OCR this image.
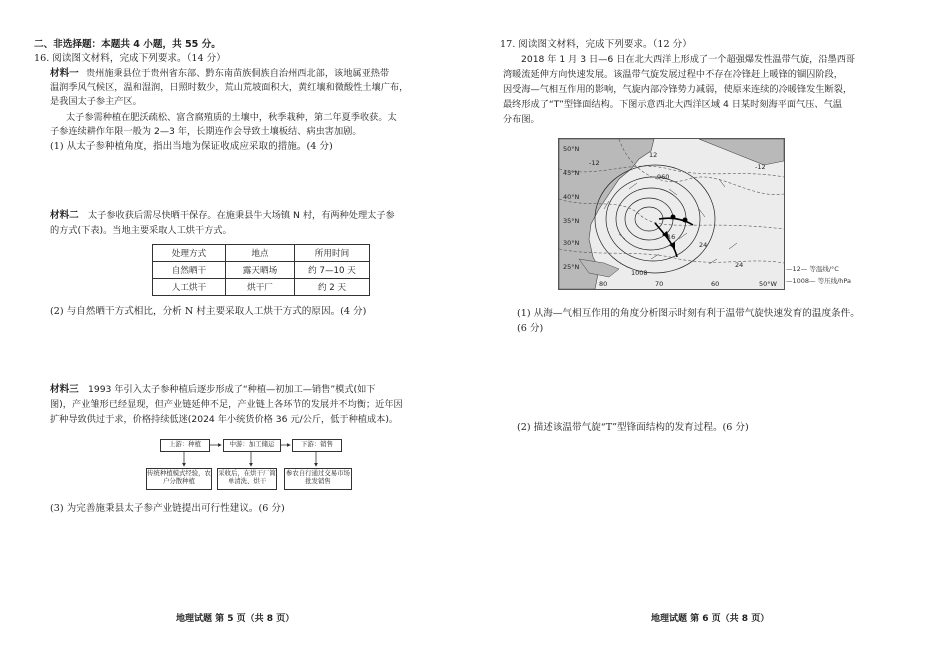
二、非选择题：本题共 4 小题，共 55 分。
16. 阅读图文材料，完成下列要求。（14 分）
材料一 贵州施秉县位于贵州省东部、黔东南苗族侗族自治州西北部，该地属亚热带
温润季风气候区，温和湿润，日照时数少，荒山荒坡面积大，黄红壤和微酸性土壤广布，
是我国太子参主产区。
太子参需种植在肥沃疏松、富含腐殖质的土壤中，秋季栽种，第二年夏季收获。太
子参连续耕作年限一般为 2—3 年，长期连作会导致土壤板结、病虫害加剧。
(1) 从太子参种植角度，指出当地为保证收成应采取的措施。(4 分)
材料二 太子参收获后需尽快晒干保存。在施秉县牛大场镇 N 村，有两种处理太子参
的方式(下表)。当地主要采取人工烘干方式。
处理方式	地点	所用时间
自然晒干	露天晒场	约 7—10 天
人工烘干	烘干厂	约 2 天
(2) 与自然晒干方式相比，分析 N 村主要采取人工烘干方式的原因。(4 分)
材料三 1993 年引入太子参种植后逐步形成了“种植—初加工—销售”模式(如下
图)，产业雏形已经显现，但产业链延伸不足，产业链上各环节的发展并不均衡；近年因
扩种导致供过于求，价格持续低迷(2024 年小统货价格 36 元/公斤，低于种植成本)。
上游：种植	中游：加工储运	下游：销售
传统种植模式经验，农户分散种植
采收后，在烘干厂简单清洗、烘干
参农自行通过交易市场批发销售
(3) 为完善施秉县太子参产业链提出可行性建议。(6 分)
地理试题 第 5 页（共 8 页）
17. 阅读图文材料，完成下列要求。（12 分）
2018 年 1 月 3 日—6 日在北大西洋上形成了一个超强爆发性温带气旋，沿墨西哥
湾暖流延伸方向快速发展。该温带气旋发展过程中不存在冷锋赶上暖锋的锢囚阶段，
因受海—气相互作用的影响，气旋内部冷锋势力减弱，使原来连续的冷暖锋发生断裂，
最终形成了“T”型锋面结构。下图示意西北大西洋区域 4 日某时刻海平面气压、气温
分布图。
50°N
45°N
40°N
35°N
30°N
25°N
80	70	60	50°W
12
-12
24
16
-12
24
1008
960
—12— 等温线/°C
—1008— 等压线/hPa
(1) 从海—气相互作用的角度分析图示时刻有利于温带气旋快速发育的温度条件。
(6 分)
(2) 描述该温带气旋“T”型锋面结构的发育过程。(6 分)
地理试题 第 6 页（共 8 页）
